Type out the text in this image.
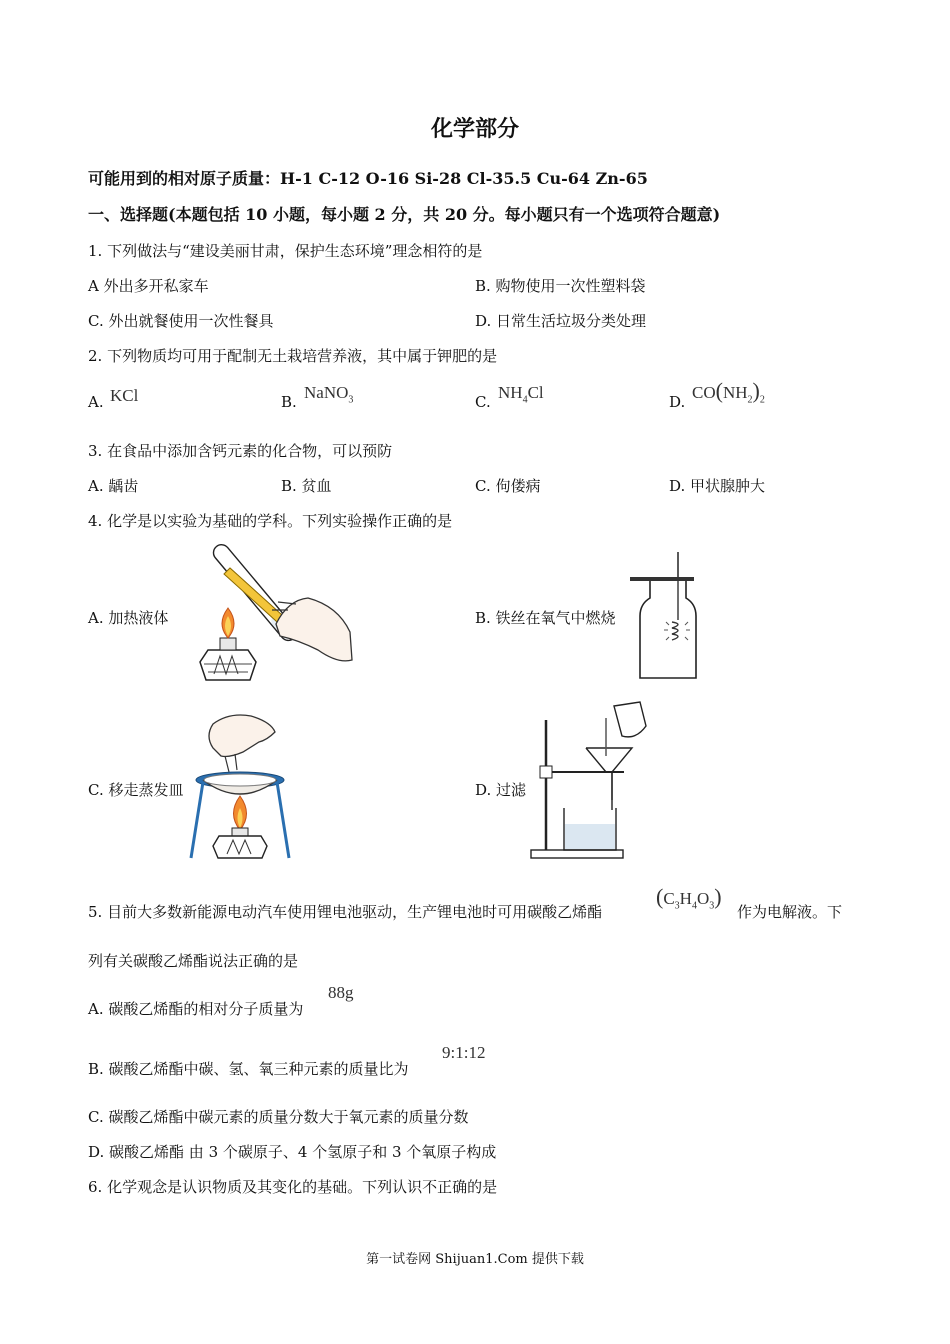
化学部分
可能用到的相对原子质量：H-1 C-12 O-16 Si-28 Cl-35.5 Cu-64 Zn-65
一、选择题(本题包括 10 小题，每小题 2 分，共 20 分。每小题只有一个选项符合题意)
1. 下列做法与“建设美丽甘肃，保护生态环境”理念相符的是
A 外出多开私家车	B. 购物使用一次性塑料袋
C. 外出就餐使用一次性餐具	D. 日常生活垃圾分类处理
2. 下列物质均可用于配制无土栽培营养液，其中属于钾肥的是
A. KCl	B. NaNO$_3$	C. $NH_4Cl$	D. $CO(NH_2)_2$
3. 在食品中添加含钙元素的化合物，可以预防
A. 龋齿	B. 贫血	C. 佝偻病	D. 甲状腺肿大
4. 化学是以实验为基础的学科。下列实验操作正确的是
A. 加热液体	B. 铁丝在氧气中燃烧
C. 移走蒸发皿	D. 过滤
5. 目前大多数新能源电动汽车使用锂电池驱动，生产锂电池时可用碳酸乙烯酯
$(C_3H_4O_3)$
作为电解液。下
列有关碳酸乙烯酯说法正确的是
A. 碳酸乙烯酯的相对分子质量为
88g
B. 碳酸乙烯酯中碳、氢、氧三种元素的质量比为
9:1:12
C. 碳酸乙烯酯中碳元素的质量分数大于氧元素的质量分数
D. 碳酸乙烯酯 由 3 个碳原子、4 个氢原子和 3 个氧原子构成
6. 化学观念是认识物质及其变化的基础。下列认识不正确的是
第一试卷网 Shijuan1.Com 提供下载
